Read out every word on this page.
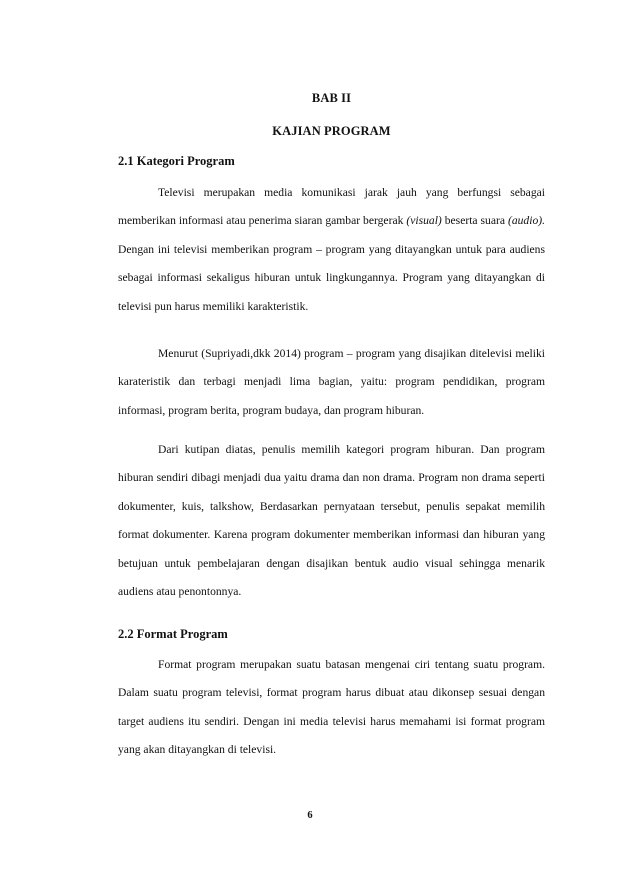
BAB II
KAJIAN PROGRAM
2.1 Kategori Program

Televisi merupakan media komunikasi jarak jauh yang berfungsi sebagai memberikan informasi atau penerima siaran gambar bergerak (visual) beserta suara (audio). Dengan ini televisi memberikan program – program yang ditayangkan untuk para audiens sebagai informasi sekaligus hiburan untuk lingkungannya. Program yang ditayangkan di televisi pun harus memiliki karakteristik.

Menurut (Supriyadi,dkk 2014) program – program yang disajikan ditelevisi meliki karateristik dan terbagi menjadi lima bagian, yaitu: program pendidikan, program informasi, program berita, program budaya, dan program hiburan.

Dari kutipan diatas, penulis memilih kategori program hiburan. Dan program hiburan sendiri dibagi menjadi dua yaitu drama dan non drama. Program non drama seperti dokumenter, kuis, talkshow, Berdasarkan pernyataan tersebut, penulis sepakat memilih format dokumenter. Karena program dokumenter memberikan informasi dan hiburan yang betujuan untuk pembelajaran dengan disajikan bentuk audio visual sehingga menarik audiens atau penontonnya.

2.2 Format Program

Format program merupakan suatu batasan mengenai ciri tentang suatu program. Dalam suatu program televisi, format program harus dibuat atau dikonsep sesuai dengan target audiens itu sendiri. Dengan ini media televisi harus memahami isi format program yang akan ditayangkan di televisi.

6
